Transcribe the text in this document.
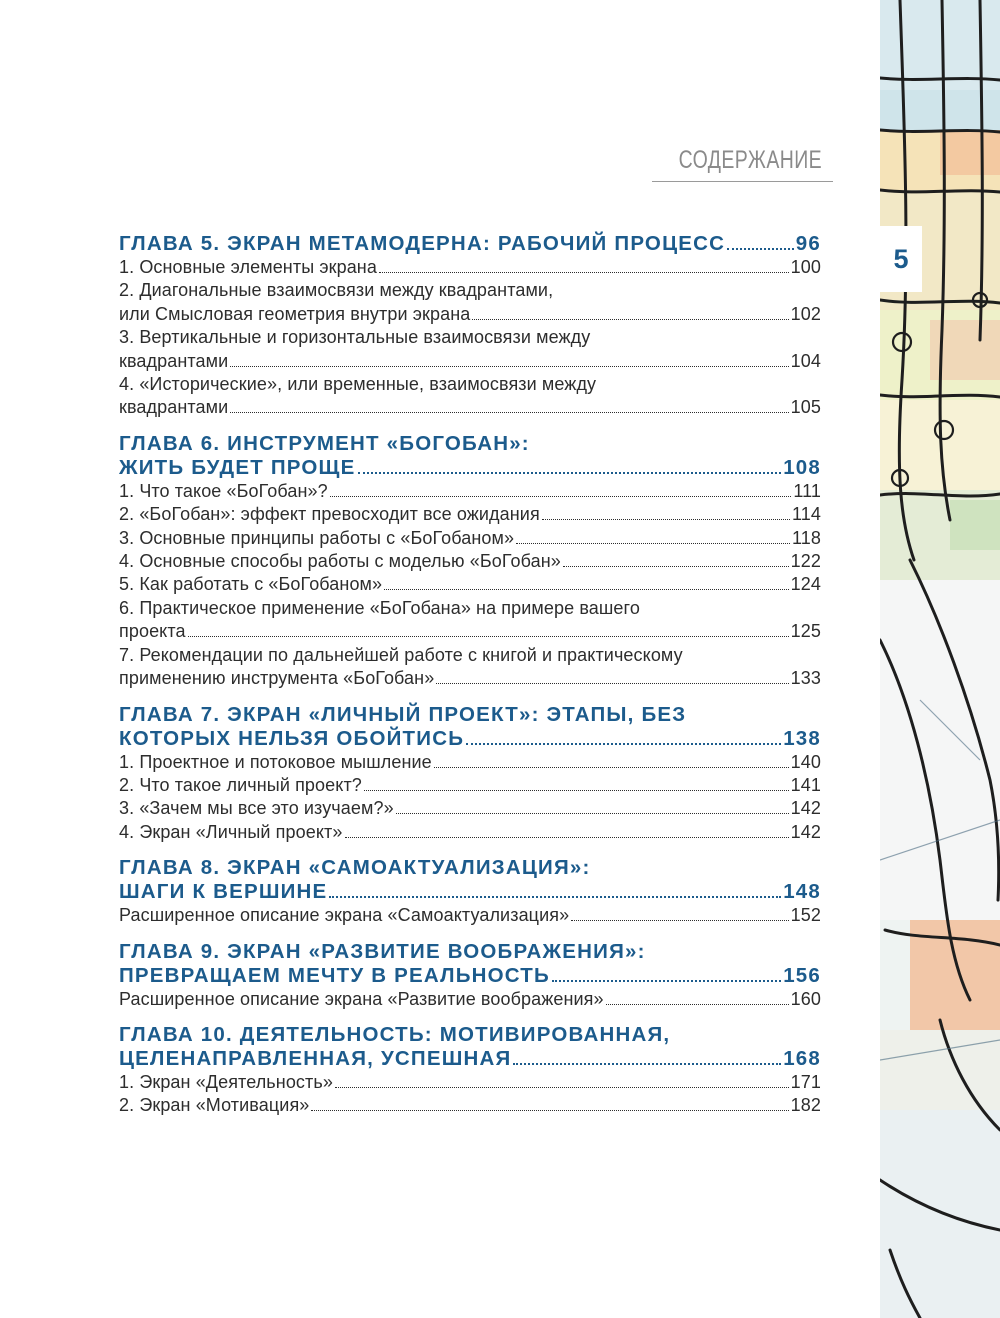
СОДЕРЖАНИЕ
ГЛАВА 5. ЭКРАН МЕТАМОДЕРНА: РАБОЧИЙ ПРОЦЕСС	96
1. Основные элементы экрана	100
2. Диагональные взаимосвязи между квадрантами,
или Смысловая геометрия внутри экрана	102
3. Вертикальные и горизонтальные взаимосвязи между
квадрантами	104
4. «Исторические», или временные, взаимосвязи между
квадрантами	105
ГЛАВА 6. ИНСТРУМЕНТ «БОГОБАН»:
ЖИТЬ БУДЕТ ПРОЩЕ	108
1. Что такое «БоГобан»?	111
2. «БоГобан»: эффект превосходит все ожидания	114
3. Основные принципы работы с «БоГобаном»	118
4. Основные способы работы с моделью «БоГобан»	122
5. Как работать с «БоГобаном»	124
6. Практическое применение «БоГобана» на примере вашего
проекта	125
7. Рекомендации по дальнейшей работе с книгой и практическому
применению инструмента «БоГобан»	133
ГЛАВА 7. ЭКРАН «ЛИЧНЫЙ ПРОЕКТ»: ЭТАПЫ, БЕЗ
КОТОРЫХ НЕЛЬЗЯ ОБОЙТИСЬ	138
1. Проектное и потоковое мышление	140
2. Что такое личный проект?	141
3. «Зачем мы все это изучаем?»	142
4. Экран «Личный проект»	142
ГЛАВА 8. ЭКРАН «САМОАКТУАЛИЗАЦИЯ»:
ШАГИ К ВЕРШИНЕ	148
Расширенное описание экрана «Самоактуализация»	152
ГЛАВА 9. ЭКРАН «РАЗВИТИЕ ВООБРАЖЕНИЯ»:
ПРЕВРАЩАЕМ МЕЧТУ В РЕАЛЬНОСТЬ	156
Расширенное описание экрана «Развитие воображения»	160
ГЛАВА 10. ДЕЯТЕЛЬНОСТЬ: МОТИВИРОВАННАЯ,
ЦЕЛЕНАПРАВЛЕННАЯ, УСПЕШНАЯ	168
1. Экран «Деятельность»	171
2. Экран «Мотивация»	182
5
